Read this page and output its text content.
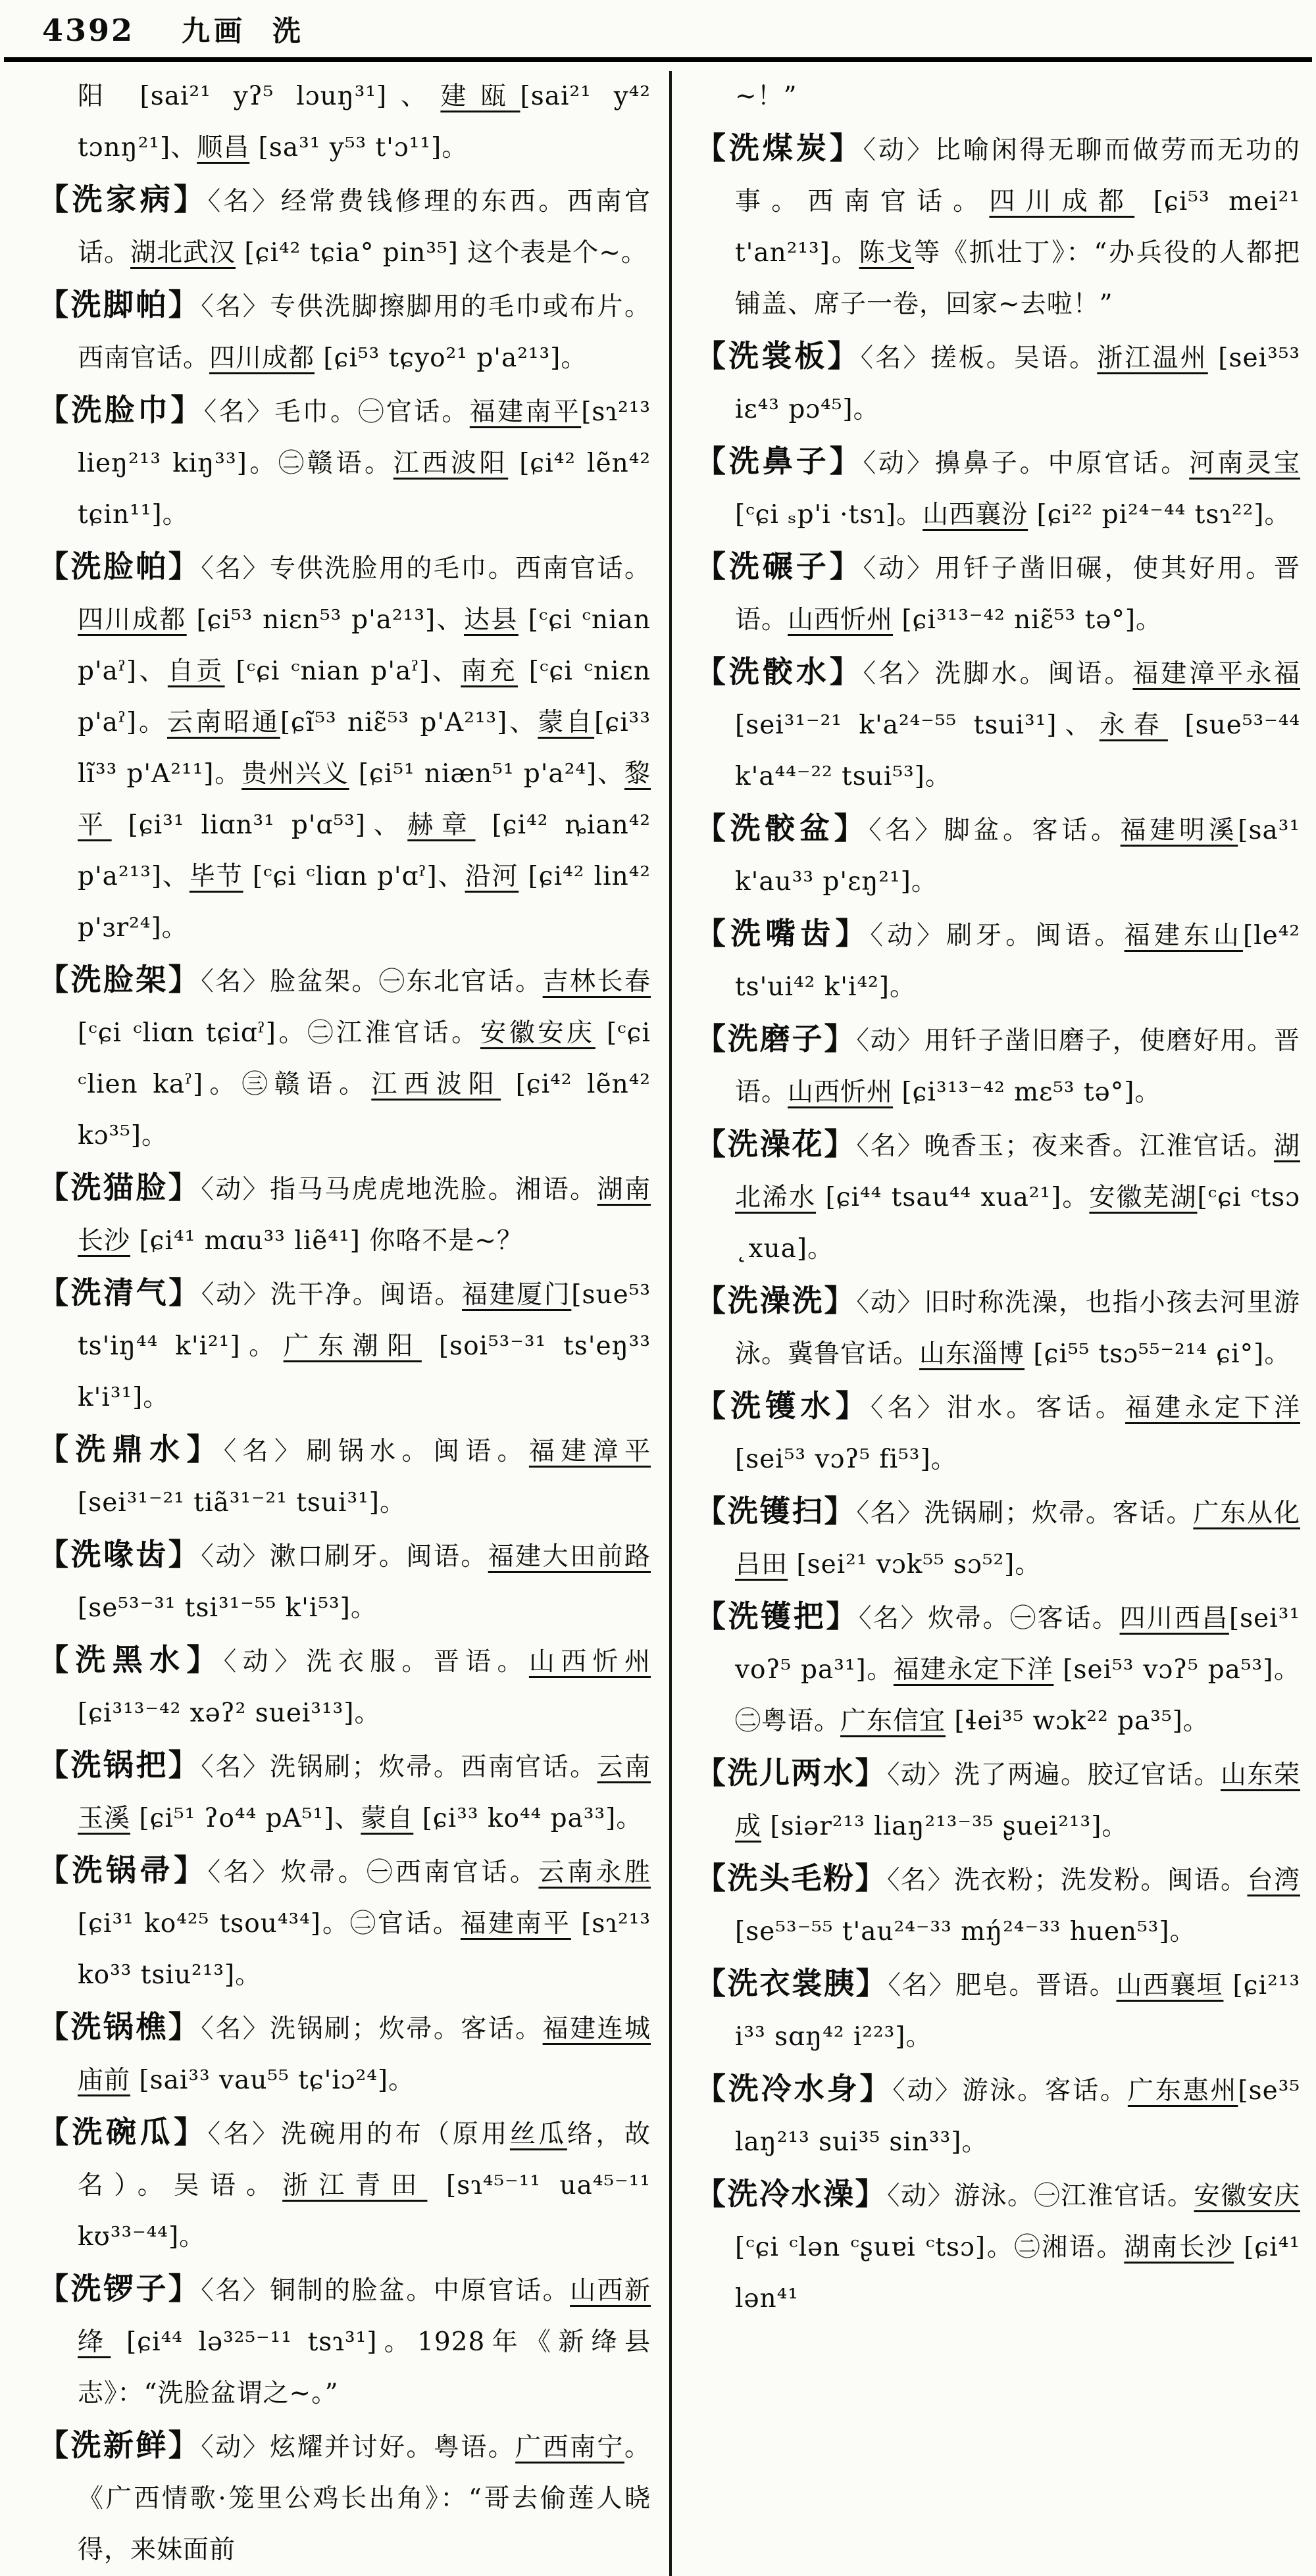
4392 九画 洗
阳 [sai²¹ yʔ⁵ lɔuŋ³¹]、建瓯[sai²¹ y⁴² tɔnŋ²¹]、顺昌 [sa³¹ y⁵³ t'ɔ¹¹]。
【洗家病】〈名〉经常费钱修理的东西。西南官话。湖北武汉 [ɕi⁴² tɕia° pin³⁵] 这个表是个~。
【洗脚帕】〈名〉专供洗脚擦脚用的毛巾或布片。西南官话。四川成都 [ɕi⁵³ tɕyo²¹ p'a²¹³]。
【洗脸巾】〈名〉毛巾。㊀官话。福建南平[sɿ²¹³ lieŋ²¹³ kiŋ³³]。㊁赣语。江西波阳 [ɕi⁴² lẽn⁴² tɕin¹¹]。
【洗脸帕】〈名〉专供洗脸用的毛巾。西南官话。四川成都 [ɕi⁵³ niɛn⁵³ p'a²¹³]、达县 [ᶜɕi ᶜnian p'aˀ]、自贡 [ᶜɕi ᶜnian p'aˀ]、南充 [ᶜɕi ᶜniɛn p'aˀ]。云南昭通[ɕĩ⁵³ niɛ̃⁵³ p'A²¹³]、蒙自[ɕi³³ lĩ³³ p'A²¹¹]。贵州兴义 [ɕi⁵¹ niæn⁵¹ p'a²⁴]、黎平 [ɕi³¹ liɑn³¹ p'ɑ⁵³]、赫章 [ɕi⁴² ȵian⁴² p'a²¹³]、毕节 [ᶜɕi ᶜliɑn p'ɑˀ]、沿河 [ɕi⁴² lin⁴² p'ɜr²⁴]。
【洗脸架】〈名〉脸盆架。㊀东北官话。吉林长春 [ᶜɕi ᶜliɑn tɕiɑˀ]。㊁江淮官话。安徽安庆 [ᶜɕi ᶜlien kaˀ]。㊂赣语。江西波阳 [ɕi⁴² lẽn⁴² kɔ³⁵]。
【洗猫脸】〈动〉指马马虎虎地洗脸。湘语。湖南长沙 [ɕi⁴¹ mɑu³³ liẽ⁴¹] 你咯不是~？
【洗清气】〈动〉洗干净。闽语。福建厦门[sue⁵³ ts'iŋ⁴⁴ k'i²¹]。广东潮阳 [soi⁵³⁻³¹ ts'eŋ³³ k'i³¹]。
【洗鼎水】〈名〉刷锅水。闽语。福建漳平 [sei³¹⁻²¹ tiã³¹⁻²¹ tsui³¹]。
【洗喙齿】〈动〉漱口刷牙。闽语。福建大田前路 [se⁵³⁻³¹ tsi³¹⁻⁵⁵ k'i⁵³]。
【洗黑水】〈动〉洗衣服。晋语。山西忻州 [ɕi³¹³⁻⁴² xəʔ² suei³¹³]。
【洗锅把】〈名〉洗锅刷；炊帚。西南官话。云南玉溪 [ɕi⁵¹ ʔo⁴⁴ pA⁵¹]、蒙自 [ɕi³³ ko⁴⁴ pa³³]。
【洗锅帚】〈名〉炊帚。㊀西南官话。云南永胜 [ɕi³¹ ko⁴²⁵ tsou⁴³⁴]。㊁官话。福建南平 [sɿ²¹³ ko³³ tsiu²¹³]。
【洗锅樵】〈名〉洗锅刷；炊帚。客话。福建连城庙前 [sai³³ vau⁵⁵ tɕ'iɔ²⁴]。
【洗碗瓜】〈名〉洗碗用的布（原用丝瓜络，故名）。吴语。浙江青田 [sɿ⁴⁵⁻¹¹ ua⁴⁵⁻¹¹ kʊ³³⁻⁴⁴]。
【洗锣子】〈名〉铜制的脸盆。中原官话。山西新绛 [ɕi⁴⁴ lə³²⁵⁻¹¹ tsɿ³¹]。1928年《新绛县志》：“洗脸盆谓之~。”
【洗新鲜】〈动〉炫耀并讨好。粤语。广西南宁。《广西情歌·笼里公鸡长出角》：“哥去偷莲人晓得，来妹面前
~！”
【洗煤炭】〈动〉比喻闲得无聊而做劳而无功的事。西南官话。四川成都 [ɕi⁵³ mei²¹ t'an²¹³]。陈戈等《抓壮丁》：“办兵役的人都把铺盖、席子一卷，回家~去啦！”
【洗裳板】〈名〉搓板。吴语。浙江温州 [sei³⁵³ iɛ⁴³ pɔ⁴⁵]。
【洗鼻子】〈动〉擤鼻子。中原官话。河南灵宝 [ᶜɕi ₛp'i ·tsɿ]。山西襄汾 [ɕi²² pi²⁴⁻⁴⁴ tsɿ²²]。
【洗碾子】〈动〉用钎子凿旧碾，使其好用。晋语。山西忻州 [ɕi³¹³⁻⁴² niɛ̃⁵³ tə°]。
【洗骹水】〈名〉洗脚水。闽语。福建漳平永福 [sei³¹⁻²¹ k'a²⁴⁻⁵⁵ tsui³¹]、永春 [sue⁵³⁻⁴⁴ k'a⁴⁴⁻²² tsui⁵³]。
【洗骹盆】〈名〉脚盆。客话。福建明溪[sa³¹ k'au³³ p'ɛŋ²¹]。
【洗嘴齿】〈动〉刷牙。闽语。福建东山[le⁴² ts'ui⁴² k'i⁴²]。
【洗磨子】〈动〉用钎子凿旧磨子，使磨好用。晋语。山西忻州 [ɕi³¹³⁻⁴² mɛ⁵³ tə°]。
【洗澡花】〈名〉晚香玉；夜来香。江淮官话。湖北浠水 [ɕi⁴⁴ tsau⁴⁴ xua²¹]。安徽芜湖[ᶜɕi ᶜtsɔ ˛xua]。
【洗澡洗】〈动〉旧时称洗澡，也指小孩去河里游泳。冀鲁官话。山东淄博 [ɕi⁵⁵ tsɔ⁵⁵⁻²¹⁴ ɕi°]。
【洗镬水】〈名〉泔水。客话。福建永定下洋 [sei⁵³ vɔʔ⁵ fi⁵³]。
【洗镬扫】〈名〉洗锅刷；炊帚。客话。广东从化吕田 [sei²¹ vɔk⁵⁵ sɔ⁵²]。
【洗镬把】〈名〉炊帚。㊀客话。四川西昌[sei³¹ voʔ⁵ pa³¹]。福建永定下洋 [sei⁵³ vɔʔ⁵ pa⁵³]。㊁粤语。广东信宜 [ɬei³⁵ wɔk²² pa³⁵]。
【洗儿两水】〈动〉洗了两遍。胶辽官话。山东荣成 [siər²¹³ liaŋ²¹³⁻³⁵ ʂuei²¹³]。
【洗头毛粉】〈名〉洗衣粉；洗发粉。闽语。台湾 [se⁵³⁻⁵⁵ t'au²⁴⁻³³ mŋ́²⁴⁻³³ huen⁵³]。
【洗衣裳胰】〈名〉肥皂。晋语。山西襄垣 [ɕi²¹³ i³³ sɑŋ⁴² i²²³]。
【洗冷水身】〈动〉游泳。客话。广东惠州[se³⁵ laŋ²¹³ sui³⁵ sin³³]。
【洗冷水澡】〈动〉游泳。㊀江淮官话。安徽安庆[ᶜɕi ᶜlən ᶜʂuɐi ᶜtsɔ]。㊁湘语。湖南长沙 [ɕi⁴¹ lən⁴¹
